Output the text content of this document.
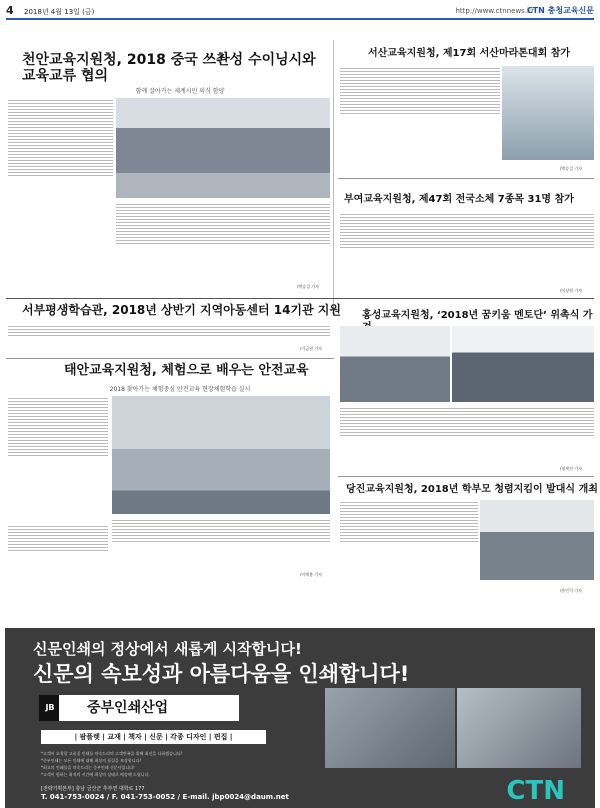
4 2018년 4월 13일 (금)	http://www.ctnnews.kr
CTN 충청교육신문
천안교육지원청, 2018 중국 쓰촨성 수이닝시와 교육교류 협의
함께 살아가는 세계시민 의식 함양
/박승걸 기자
서산교육지원청, 제17회 서산마라톤대회 참가
/박승걸 기자
부여교육지원청, 제47회 전국소체 7종목 31명 참가
/이상원 기자
서부평생학습관, 2018년 상반기 지역아동센터 14기관 지원
/기금원 기자
홍성교육지원청, ‘2018년 꿈키움 멘토단’ 위촉식 가
/정세진 기자
태안교육지원청, 체험으로 배우는 안전교육
2018 찾아가는 체험중심 안전교육 현장체험학습 실시
/이예봄 기자
당진교육지원청, 2018년 학부모 청렴지킴이 발대식 개최
/홍민기 기자
신문인쇄의 정상에서 새롭게 시작합니다!
신문의 속보성과 아름다움을 인쇄합니다!
JB	중부인쇄산업
| 팜플렛 | 교재 | 책자 | 신문 | 각종 디자인 | 편집 |
*고객이 요청할 고품질 인쇄를 약속드리며 고객만족을 위해 최선을 다하겠습니다!
*중부인쇄는 모든 인쇄에 대해 최상의 품질을 보장합니다!
*최고의 인쇄물을 약속드리는 중부인쇄 신문사입니다!
*고객이 원하는 최적의 시간에 최상의 상태로 배송해 드립니다.
[전략기획본부] 충남 금산군 추부면 대학로 177
T. 041-753-0024 / F. 041-753-0052 / E-mail. jbp0024@daum.net	CTN
